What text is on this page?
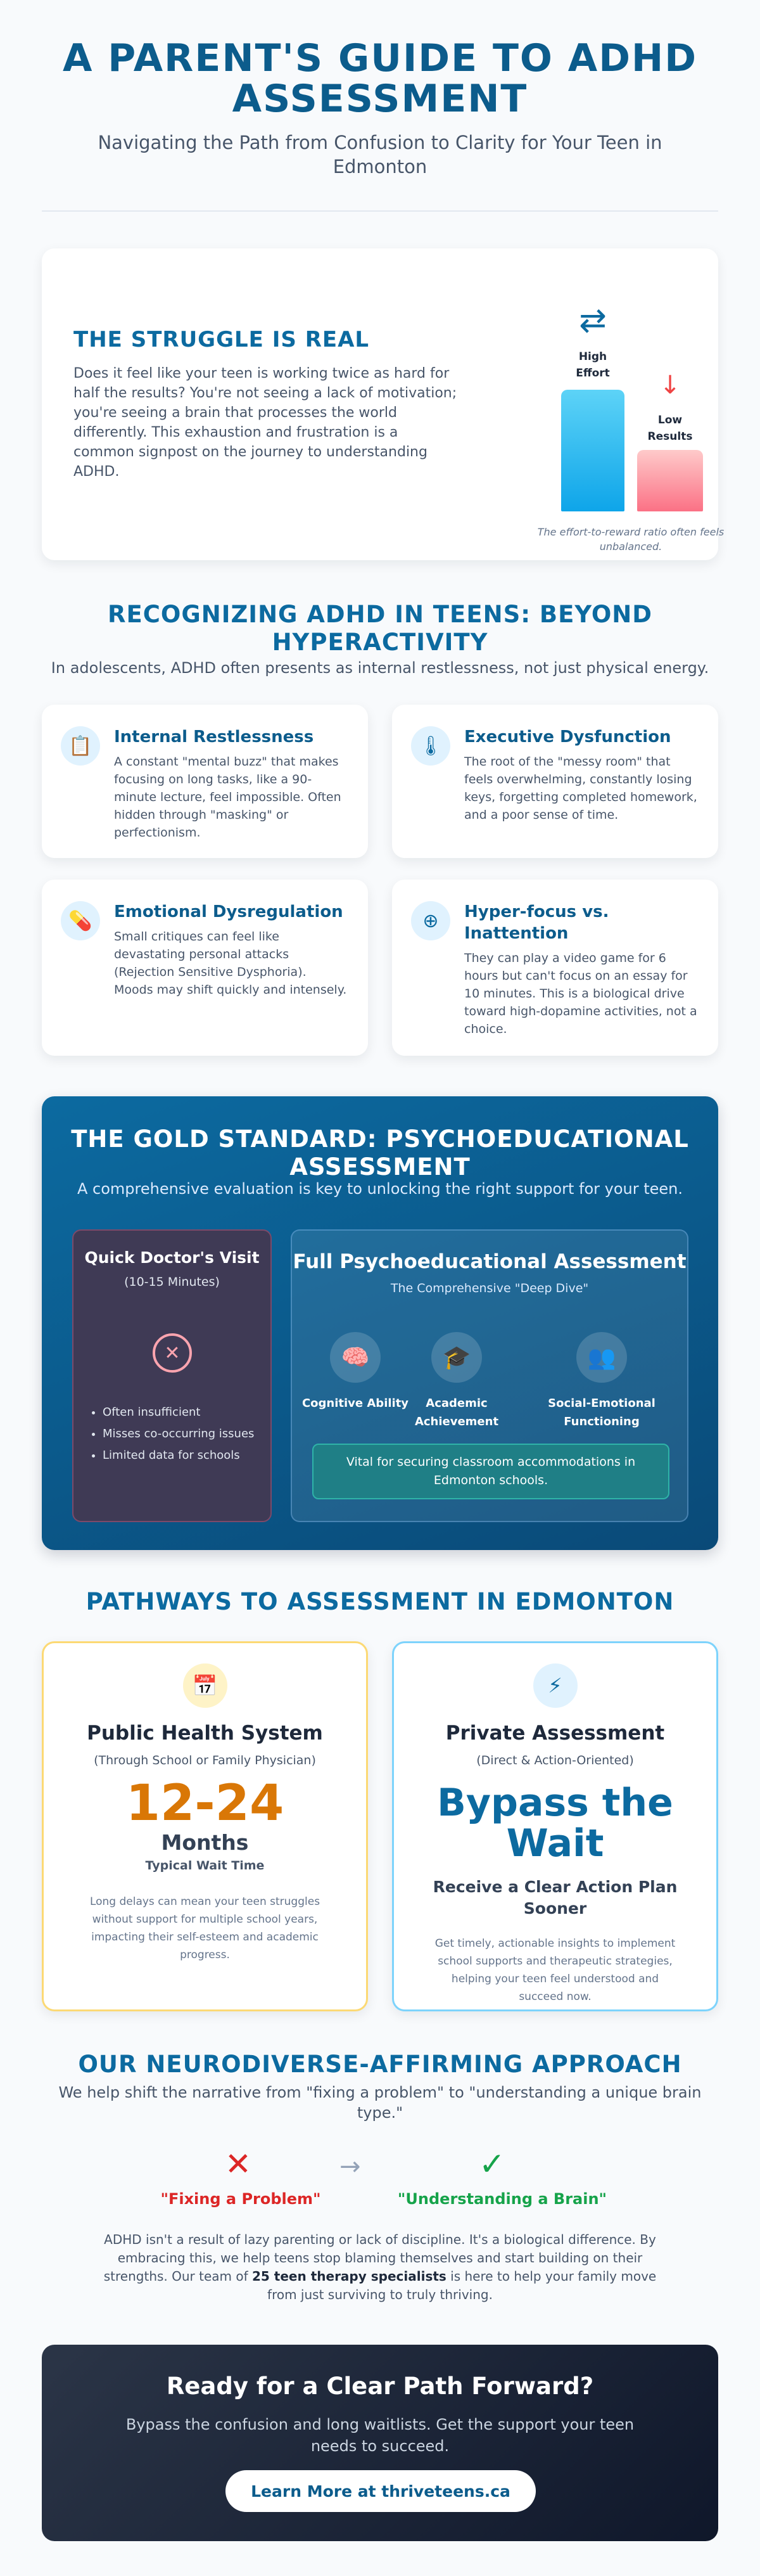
A PARENT'S GUIDE TO ADHD ASSESSMENT
Navigating the Path from Confusion to Clarity for Your Teen in Edmonton
THE STRUGGLE IS REAL

Does it feel like your teen is working twice as hard for half the results? You're not seeing a lack of motivation; you're seeing a brain that processes the world differently. This exhaustion and frustration is a common signpost on the journey to understanding ADHD.

⇄
High Effort	↓
Low Results
The effort-to-reward ratio often feels unbalanced.
RECOGNIZING ADHD IN TEENS: BEYOND HYPERACTIVITY
In adolescents, ADHD often presents as internal restlessness, not just physical energy.
📋	Internal Restlessness

A constant "mental buzz" that makes focusing on long tasks, like a 90-minute lecture, feel impossible. Often hidden through "masking" or perfectionism.

🌡	Executive Dysfunction

The root of the "messy room" that feels overwhelming, constantly losing keys, forgetting completed homework, and a poor sense of time.

💊	Emotional Dysregulation

Small critiques can feel like devastating personal attacks (Rejection Sensitive Dysphoria). Moods may shift quickly and intensely.

⊕	Hyper-focus vs. Inattention

They can play a video game for 6 hours but can't focus on an essay for 10 minutes. This is a biological drive toward high-dopamine activities, not a choice.

THE GOLD STANDARD: PSYCHOEDUCATIONAL ASSESSMENT
A comprehensive evaluation is key to unlocking the right support for your teen.
Quick Doctor's Visit
(10-15 Minutes)
✕
• Often insufficient
• Misses co-occurring issues
• Limited data for schools
Full Psychoeducational Assessment
The Comprehensive "Deep Dive"
🧠
Cognitive Ability
🎓
Academic Achievement
👥
Social-Emotional Functioning
Vital for securing classroom accommodations in Edmonton schools.
PATHWAYS TO ASSESSMENT IN EDMONTON
📅
Public Health System
(Through School or Family Physician)
12-24
Months
Typical Wait Time
Long delays can mean your teen struggles without support for multiple school years, impacting their self-esteem and academic progress.
⚡
Private Assessment
(Direct & Action-Oriented)
Bypass the Wait
Receive a Clear Action Plan Sooner
Get timely, actionable insights to implement school supports and therapeutic strategies, helping your teen feel understood and succeed now.
OUR NEURODIVERSE-AFFIRMING APPROACH
We help shift the narrative from "fixing a problem" to "understanding a unique brain type."
✕	→	✓
"Fixing a Problem"	"Understanding a Brain"

ADHD isn't a result of lazy parenting or lack of discipline. It's a biological difference. By embracing this, we help teens stop blaming themselves and start building on their strengths. Our team of 25 teen therapy specialists is here to help your family move from just surviving to truly thriving.

Ready for a Clear Path Forward?

Bypass the confusion and long waitlists. Get the support your teen needs to succeed.

Learn More at thriveteens.ca
